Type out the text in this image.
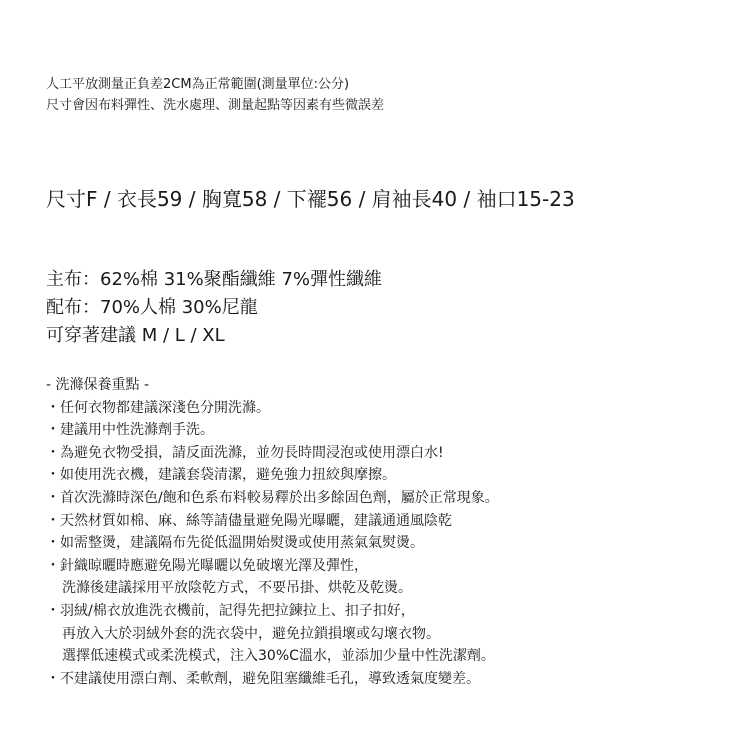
人工平放測量正負差2CM為正常範圍(測量單位:公分)
尺寸會因布料彈性、洗水處理、測量起點等因素有些微誤差
尺寸F / 衣長59 / 胸寬58 / 下襬56 / 肩袖長40 / 袖口15-23
主布：62%棉 31%聚酯纖維 7%彈性纖維
配布：70%人棉 30%尼龍
可穿著建議 M / L / XL
- 洗滌保養重點 -
・任何衣物都建議深淺色分開洗滌。
・建議用中性洗滌劑手洗。
・為避免衣物受損，請反面洗滌，並勿長時間浸泡或使用漂白水!
・如使用洗衣機，建議套袋清潔，避免強力扭絞與摩擦。
・首次洗滌時深色/飽和色系布料較易釋於出多餘固色劑，屬於正常現象。
・天然材質如棉、麻、絲等請儘量避免陽光曝曬，建議通通風陰乾
・如需整燙，建議隔布先從低溫開始熨燙或使用蒸氣氣熨燙。
・針織晾曬時應避免陽光曝曬以免破壞光澤及彈性，
洗滌後建議採用平放陰乾方式，不要吊掛、烘乾及乾燙。
・羽絨/棉衣放進洗衣機前，記得先把拉鍊拉上、扣子扣好，
再放入大於羽絨外套的洗衣袋中，避免拉鎖損壞或勾壞衣物。
選擇低速模式或柔洗模式，注入30%C溫水，並添加少量中性洗潔劑。
・不建議使用漂白劑、柔軟劑，避免阻塞纖維毛孔，導致透氣度變差。
